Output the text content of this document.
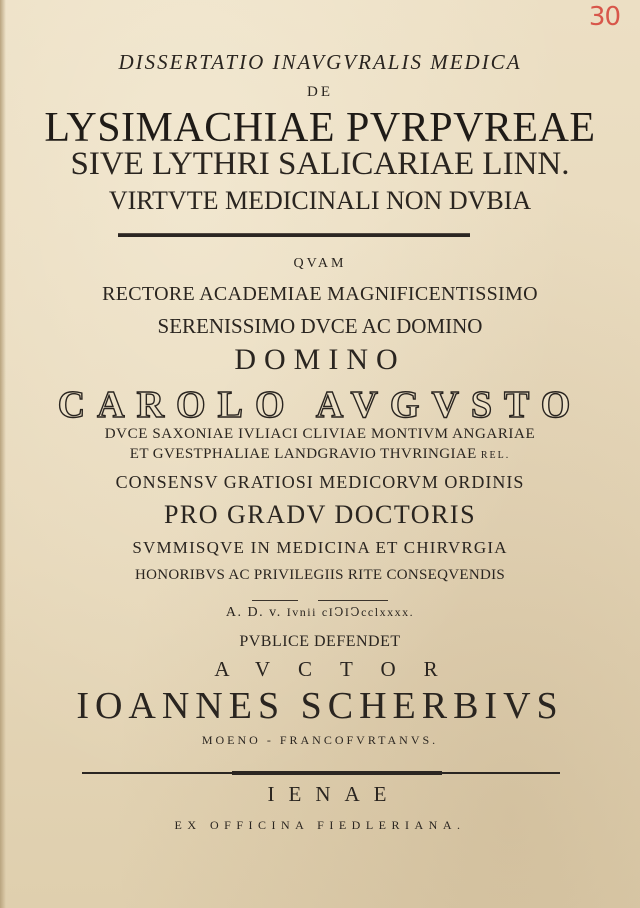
30
DISSERTATIO INAVGVRALIS MEDICA
DE
LYSIMACHIAE PVRPVREAE
SIVE LYTHRI SALICARIAE LINN.
VIRTVTE MEDICINALI NON DVBIA
QVAM
RECTORE ACADEMIAE MAGNIFICENTISSIMO
SERENISSIMO DVCE AC DOMINO
DOMINO
CAROLO AVGVSTO
DVCE SAXONIAE IVLIACI CLIVIAE MONTIVM ANGARIAE
ET GVESTPHALIAE LANDGRAVIO THVRINGIAE REL.
CONSENSV GRATIOSI MEDICORVM ORDINIS
PRO GRADV DOCTORIS
SVMMISQVE IN MEDICINA ET CHIRVRGIA
HONORIBVS AC PRIVILEGIIS RITE CONSEQVENDIS
A. D. v. Ivnii cIↃIↃcclxxxx.
PVBLICE DEFENDET
AVCTOR
IOANNES SCHERBIVS
MOENO - FRANCOFVRTANVS.
IENAE
EX OFFICINA FIEDLERIANA.
